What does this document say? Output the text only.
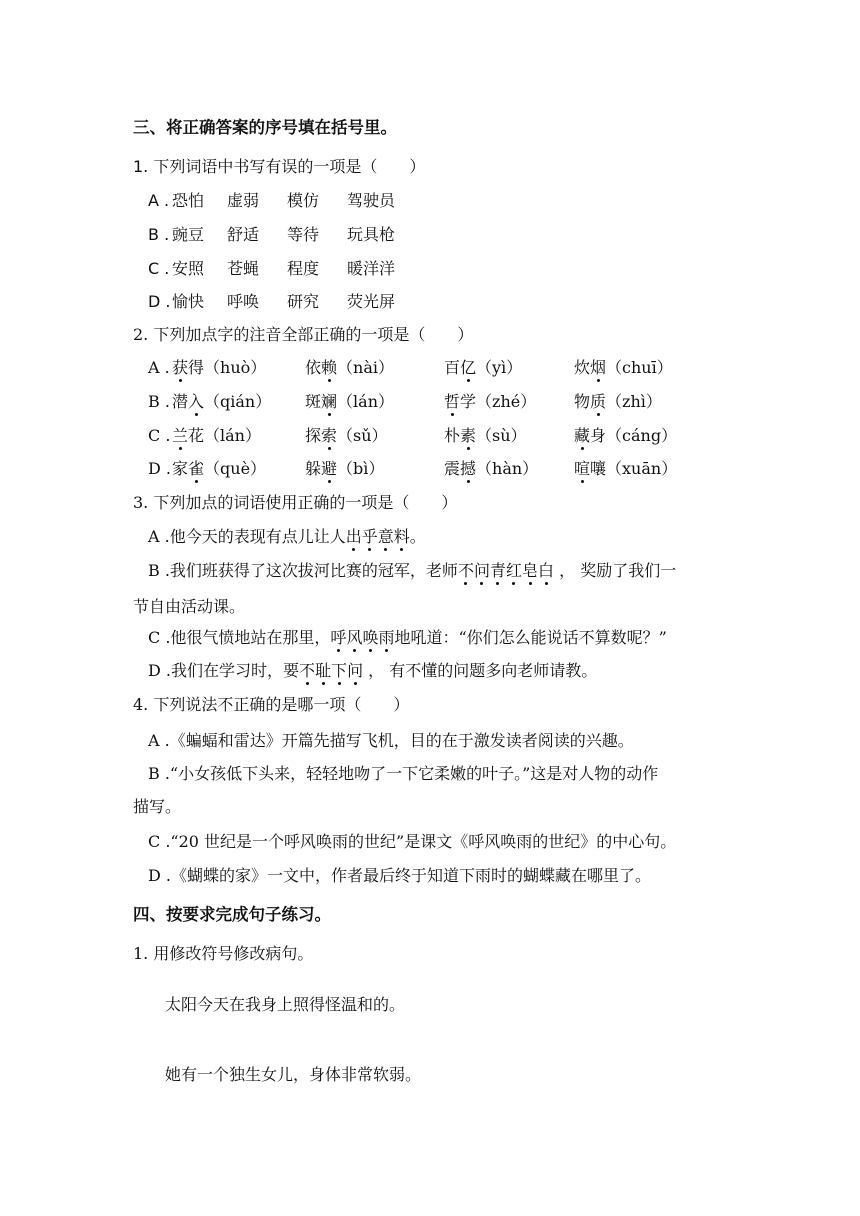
三、将正确答案的序号填在括号里。
1. 下列词语中书写有误的一项是（　　）
A . 恐怕 虚弱 模仿 驾驶员
B . 豌豆 舒适 等待 玩具枪
C . 安照 苍蝇 程度 暖洋洋
D .愉快 呼唤 研究 荧光屏
2. 下列加点字的注音全部正确的一项是（　　）
A . 获得（huò） 依赖（nài）	百亿（yì）	炊烟（chuī）
B . 潜入（qián） 斑斓（lán）	哲学（zhé） 物质（zhì）
C .兰花（lán）	探索（sǔ）	朴素（sù）	藏身（cáng）
D .家雀（què） 躲避（bì）	震撼（hàn） 喧嚷（xuān）
3. 下列加点的词语使用正确的一项是（　　）
A .他今天的表现有点儿让人出乎意料。
B .我们班获得了这次拔河比赛的冠军，老师不问青红皂白 ， 奖励了我们一
节自由活动课。
C .他很气愤地站在那里，呼风唤雨地吼道：“你们怎么能说话不算数呢？”
D .我们在学习时，要不耻下问 ， 有不懂的问题多向老师请教。
4. 下列说法不正确的是哪一项（　　）
A .《蝙蝠和雷达》开篇先描写飞机，目的在于激发读者阅读的兴趣。
B .“小女孩低下头来，轻轻地吻了一下它柔嫩的叶子。”这是对人物的动作
描写。
C .“20 世纪是一个呼风唤雨的世纪”是课文《呼风唤雨的世纪》的中心句。
D .《蝴蝶的家》一文中，作者最后终于知道下雨时的蝴蝶藏在哪里了。
四、按要求完成句子练习。
1. 用修改符号修改病句。
太阳今天在我身上照得怪温和的。
她有一个独生女儿，身体非常软弱。
